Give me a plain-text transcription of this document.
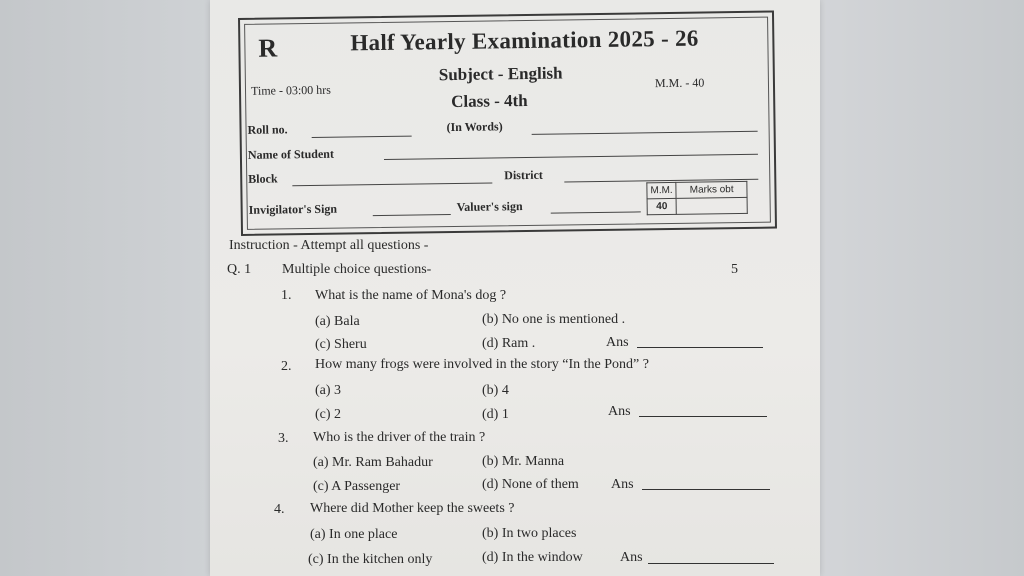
R	Half Yearly Examination 2025 - 26
Subject - English
Time - 03:00 hrs	M.M. - 40
Class - 4th
Roll no.	(In Words)
Name of Student
Block	District
Invigilator's Sign	Valuer's sign
M.M.	Marks obt
40	
Instruction - Attempt all questions -
Q. 1 Multiple choice questions-	5
1. What is the name of Mona's dog ?
(a) Bala	(b) No one is mentioned .
(c) Sheru	(d) Ram .	Ans
2. How many frogs were involved in the story “In the Pond” ?
(a) 3	(b) 4
(c) 2	(d) 1	Ans
3. Who is the driver of the train ?
(a) Mr. Ram Bahadur	(b) Mr. Manna
(c) A Passenger	(d) None of them Ans
4. Where did Mother keep the sweets ?
(a) In one place	(b) In two places
(c) In the kitchen only	(d) In the window	Ans
